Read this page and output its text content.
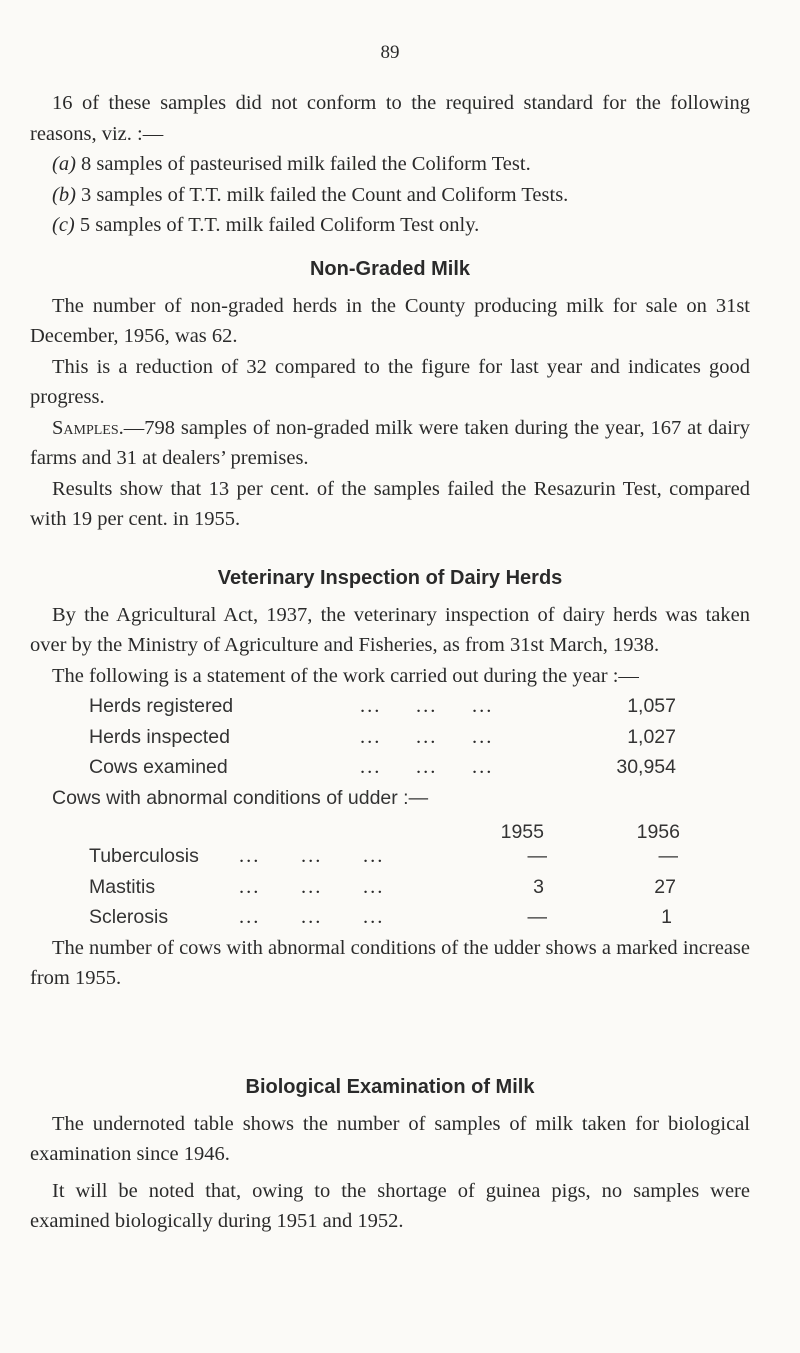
89

16 of these samples did not conform to the required standard for the following reasons, viz. :—

(a) 8 samples of pasteurised milk failed the Coliform Test.

(b) 3 samples of T.T. milk failed the Count and Coliform Tests.

(c) 5 samples of T.T. milk failed Coliform Test only.

Non-Graded Milk

The number of non-graded herds in the County producing milk for sale on 31st December, 1956, was 62.

This is a reduction of 32 compared to the figure for last year and indicates good progress.

Samples.—798 samples of non-graded milk were taken during the year, 167 at dairy farms and 31 at dealers’ premises.

Results show that 13 per cent. of the samples failed the Resazurin Test, compared with 19 per cent. in 1955.

Veterinary Inspection of Dairy Herds

By the Agricultural Act, 1937, the veterinary inspection of dairy herds was taken over by the Ministry of Agriculture and Fisheries, as from 31st March, 1938.

The following is a statement of the work carried out during the year :—

Herds registered	... ... ...	1,057
Herds inspected	... ... ...	1,027
Cows examined	... ... ...	30,954
Cows with abnormal conditions of udder :—
1955	1956
Tuberculosis ... ... ...	—	—
Mastitis	... ... ...	3	27
Sclerosis	... ... ...	—	1

The number of cows with abnormal conditions of the udder shows a marked increase from 1955.

Biological Examination of Milk

The undernoted table shows the number of samples of milk taken for biological examination since 1946.

It will be noted that, owing to the shortage of guinea pigs, no samples were examined biologically during 1951 and 1952.
